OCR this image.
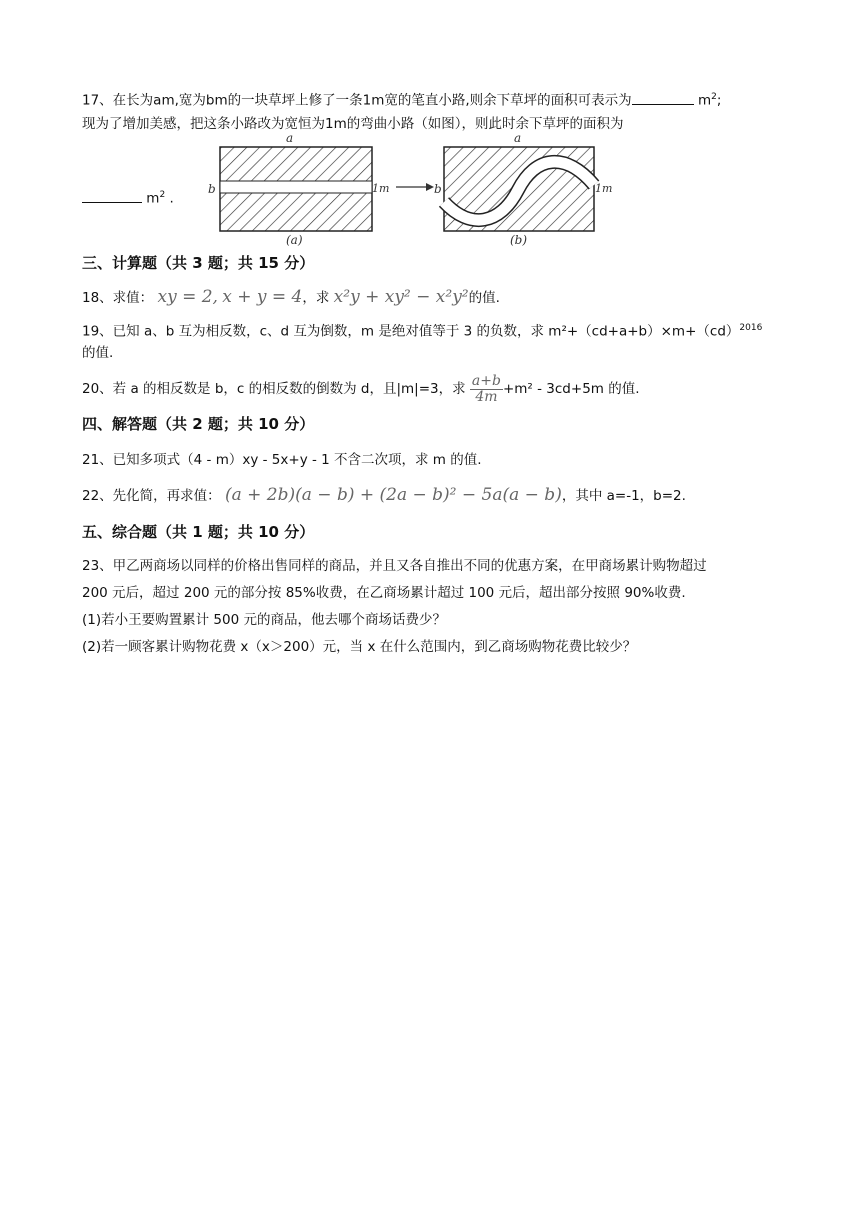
17、在长为am,宽为bm的一块草坪上修了一条1m宽的笔直小路,则余下草坪的面积可表示为	$m^2$;
现为了增加美感，把这条小路改为宽恒为1m的弯曲小路（如图），则此时余下草坪的面积为
$m^2$ .
a
b	1m
(a)
a
b	1m
(b)
三、计算题（共 3 题；共 15 分）
18、求值： xy = 2, x + y = 4，求 x²y + xy² − x²y²的值.
19、已知 a、b 互为相反数，c、d 互为倒数，m 是绝对值等于 3 的负数，求 m²+（cd+a+b）×m+（cd）$^{2016}$
的值.
20、若 a 的相反数是 b，c 的相反数的倒数为 d，且|m|=3，求 $\frac{a+b}{4m} +m^2$ ‐ 3cd+5m 的值.
四、解答题（共 2 题；共 10 分）
21、已知多项式（4 ‐ m）xy ‐ 5x+y ‐ 1 不含二次项，求 m 的值.
22、先化简，再求值： (a + 2b)(a − b) + (2a − b)² − 5a(a − b)，其中 a=-1，b=2.
五、综合题（共 1 题；共 10 分）
23、甲乙两商场以同样的价格出售同样的商品，并且又各自推出不同的优惠方案，在甲商场累计购物超过
200 元后，超过 200 元的部分按 85%收费，在乙商场累计超过 100 元后，超出部分按照 90%收费.
(1)若小王要购置累计 500 元的商品，他去哪个商场话费少？
(2)若一顾客累计购物花费 x（x＞200）元，当 x 在什么范围内，到乙商场购物花费比较少？
